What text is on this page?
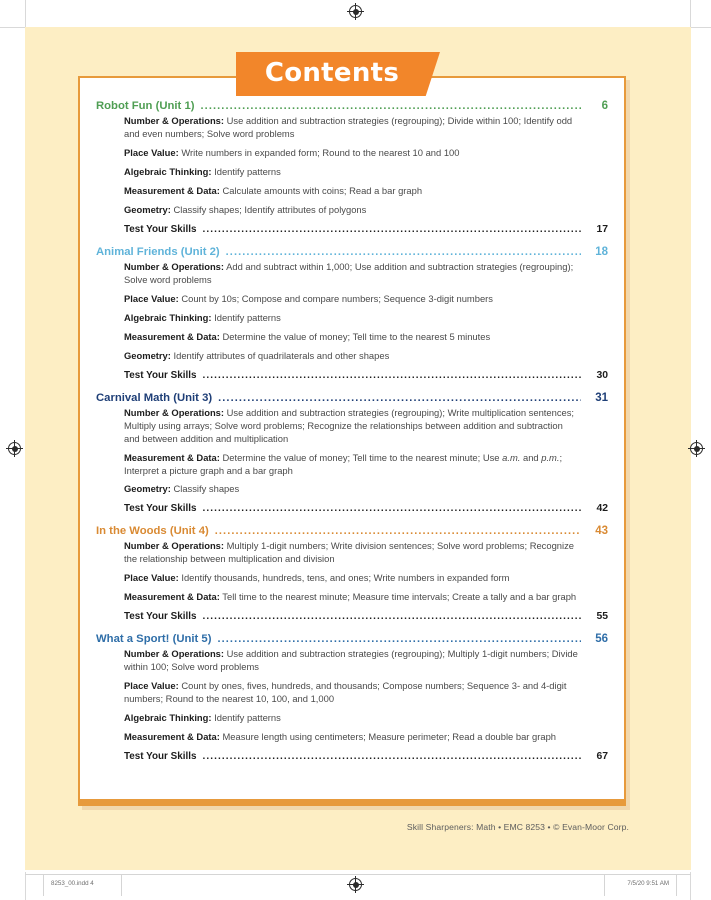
Contents
Robot Fun (Unit 1) .....	6
Number & Operations: Use addition and subtraction strategies (regrouping); Divide within 100; Identify odd and even numbers; Solve word problems
Place Value: Write numbers in expanded form; Round to the nearest 10 and 100
Algebraic Thinking: Identify patterns
Measurement & Data: Calculate amounts with coins; Read a bar graph
Geometry: Classify shapes; Identify attributes of polygons
Test Your Skills .....	17
Animal Friends (Unit 2) .....	18
Number & Operations: Add and subtract within 1,000; Use addition and subtraction strategies (regrouping); Solve word problems
Place Value: Count by 10s; Compose and compare numbers; Sequence 3-digit numbers
Algebraic Thinking: Identify patterns
Measurement & Data: Determine the value of money; Tell time to the nearest 5 minutes
Geometry: Identify attributes of quadrilaterals and other shapes
Test Your Skills .....	30
Carnival Math (Unit 3) .....	31
Number & Operations: Use addition and subtraction strategies (regrouping); Write multiplication sentences; Multiply using arrays; Solve word problems; Recognize the relationships between addition and subtraction and between addition and multiplication
Measurement & Data: Determine the value of money; Tell time to the nearest minute; Use a.m. and p.m.; Interpret a picture graph and a bar graph
Geometry: Classify shapes
Test Your Skills .....	42
In the Woods (Unit 4) .....	43
Number & Operations: Multiply 1-digit numbers; Write division sentences; Solve word problems; Recognize the relationship between multiplication and division
Place Value: Identify thousands, hundreds, tens, and ones; Write numbers in expanded form
Measurement & Data: Tell time to the nearest minute; Measure time intervals; Create a tally and a bar graph
Test Your Skills .....	55
What a Sport! (Unit 5) .....	56
Number & Operations: Use addition and subtraction strategies (regrouping); Multiply 1-digit numbers; Divide within 100; Solve word problems
Place Value: Count by ones, fives, hundreds, and thousands; Compose numbers; Sequence 3- and 4-digit numbers; Round to the nearest 10, 100, and 1,000
Algebraic Thinking: Identify patterns
Measurement & Data: Measure length using centimeters; Measure perimeter; Read a double bar graph
Test Your Skills .....	67
Skill Sharpeners: Math • EMC 8253 • © Evan-Moor Corp.
8253_00.indd 4	7/5/20 9:51 AM
